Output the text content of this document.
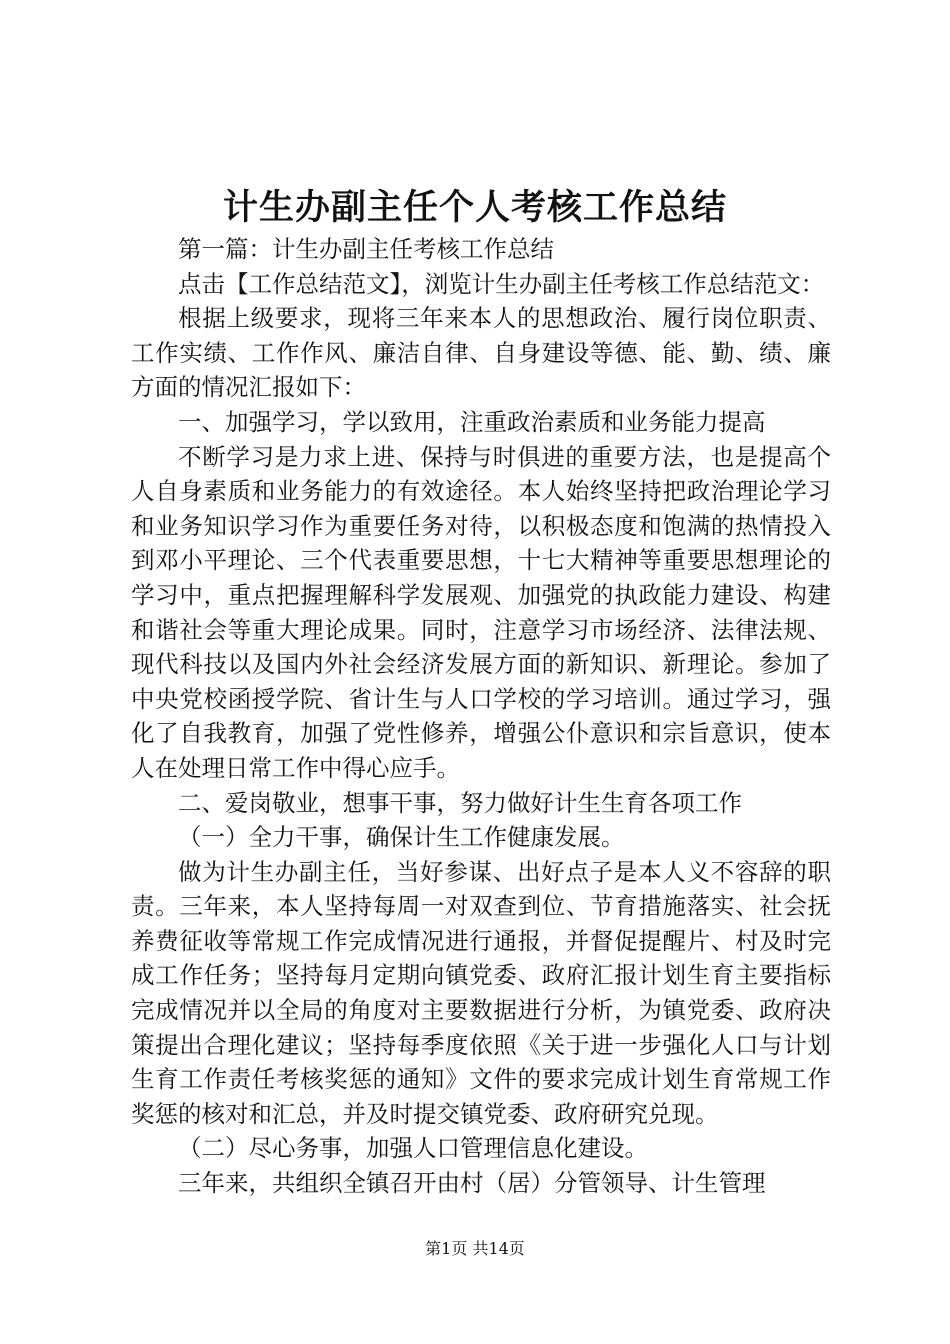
计生办副主任个人考核工作总结

第一篇：计生办副主任考核工作总结

点击【工作总结范文】，浏览计生办副主任考核工作总结范文：

根据上级要求，现将三年来本人的思想政治、履行岗位职责、工作实绩、工作作风、廉洁自律、自身建设等德、能、勤、绩、廉方面的情况汇报如下：

一、加强学习，学以致用，注重政治素质和业务能力提高

不断学习是力求上进、保持与时俱进的重要方法，也是提高个人自身素质和业务能力的有效途径。本人始终坚持把政治理论学习和业务知识学习作为重要任务对待，以积极态度和饱满的热情投入到邓小平理论、三个代表重要思想，十七大精神等重要思想理论的学习中，重点把握理解科学发展观、加强党的执政能力建设、构建和谐社会等重大理论成果。同时，注意学习市场经济、法律法规、现代科技以及国内外社会经济发展方面的新知识、新理论。参加了中央党校函授学院、省计生与人口学校的学习培训。通过学习，强化了自我教育，加强了党性修养，增强公仆意识和宗旨意识，使本人在处理日常工作中得心应手。

二、爱岗敬业，想事干事，努力做好计生生育各项工作

（一）全力干事，确保计生工作健康发展。

做为计生办副主任，当好参谋、出好点子是本人义不容辞的职责。三年来，本人坚持每周一对双查到位、节育措施落实、社会抚养费征收等常规工作完成情况进行通报，并督促提醒片、村及时完成工作任务；坚持每月定期向镇党委、政府汇报计划生育主要指标完成情况并以全局的角度对主要数据进行分析，为镇党委、政府决策提出合理化建议；坚持每季度依照《关于进一步强化人口与计划生育工作责任考核奖惩的通知》文件的要求完成计划生育常规工作奖惩的核对和汇总，并及时提交镇党委、政府研究兑现。

（二）尽心务事，加强人口管理信息化建设。

三年来，共组织全镇召开由村（居）分管领导、计生管理

第1页 共14页
